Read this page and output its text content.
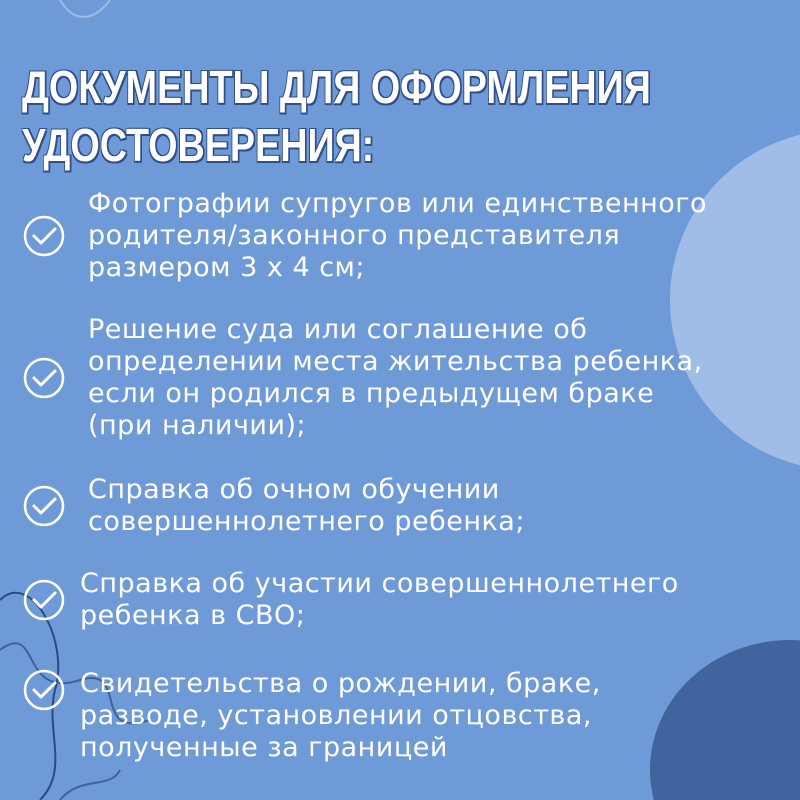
ДОКУМЕНТЫ ДЛЯ ОФОРМЛЕНИЯ
УДОСТОВЕРЕНИЯ:

Фотографии супругов или единственного
родителя/законного представителя
размером 3 х 4 см;

Решение суда или соглашение об
определении места жительства ребенка,
если он родился в предыдущем браке
(при наличии);

Справка об очном обучении
совершеннолетнего ребенка;

Справка об участии совершеннолетнего
ребенка в СВО;

Свидетельства о рождении, браке,
разводе, установлении отцовства,
полученные за границей
